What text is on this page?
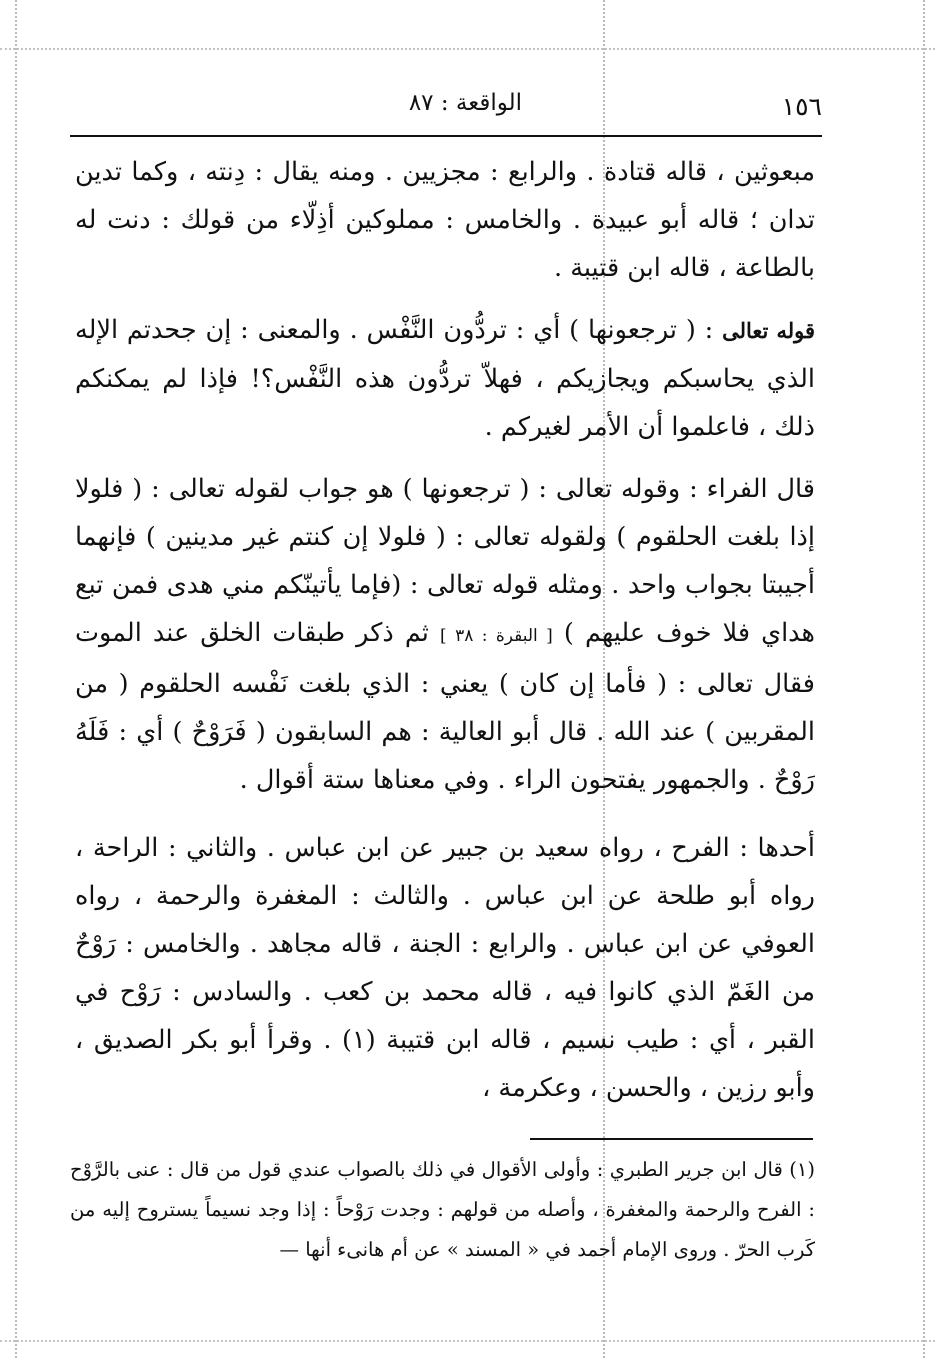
١٥٦
الواقعة : ٨٧

مبعوثين ، قاله قتادة . والرابع : مجزيين . ومنه يقال : دِنته ، وكما تدين تدان ؛ قاله أبو عبيدة . والخامس : مملوكين أذِلّاء من قولك : دنت له بالطاعة ، قاله ابن قتيبة .

قوله تعالى : ( ترجعونها ) أي : تردُّون النَّفْس . والمعنى : إن جحدتم الإله الذي يحاسبكم ويجازيكم ، فهلاّ تردُّون هذه النَّفْس؟! فإذا لم يمكنكم ذلك ، فاعلموا أن الأمر لغيركم .

قال الفراء : وقوله تعالى : ( ترجعونها ) هو جواب لقوله تعالى : ( فلولا إذا بلغت الحلقوم ) ولقوله تعالى : ( فلولا إن كنتم غير مدينين ) فإنهما أجيبتا بجواب واحد . ومثله قوله تعالى : (فإما يأتينّكم مني هدى فمن تبع هداي فلا خوف عليهم ) [ البقرة : ٣٨ ] ثم ذكر طبقات الخلق عند الموت فقال تعالى : ( فأما إن كان ) يعني : الذي بلغت نَفْسه الحلقوم ( من المقربين ) عند الله . قال أبو العالية : هم السابقون ( فَرَوْحٌ ) أي : فَلَهُ رَوْحٌ . والجمهور يفتحون الراء . وفي معناها ستة أقوال .

أحدها : الفرح ، رواه سعيد بن جبير عن ابن عباس . والثاني : الراحة ، رواه أبو طلحة عن ابن عباس . والثالث : المغفرة والرحمة ، رواه العوفي عن ابن عباس . والرابع : الجنة ، قاله مجاهد . والخامس : رَوْحٌ من الغَمّ الذي كانوا فيه ، قاله محمد بن كعب . والسادس : رَوْح في القبر ، أي : طيب نسيم ، قاله ابن قتيبة (١) . وقرأ أبو بكر الصديق ، وأبو رزين ، والحسن ، وعكرمة ،

(١) قال ابن جرير الطبري : وأولى الأقوال في ذلك بالصواب عندي قول من قال : عنى بالرَّوْح : الفرح والرحمة والمغفرة ، وأصله من قولهم : وجدت رَوْحاً : إذا وجد نسيماً يستروح إليه من كَرب الحرّ . وروى الإمام أحمد في « المسند » عن أم هانىء أنها —
